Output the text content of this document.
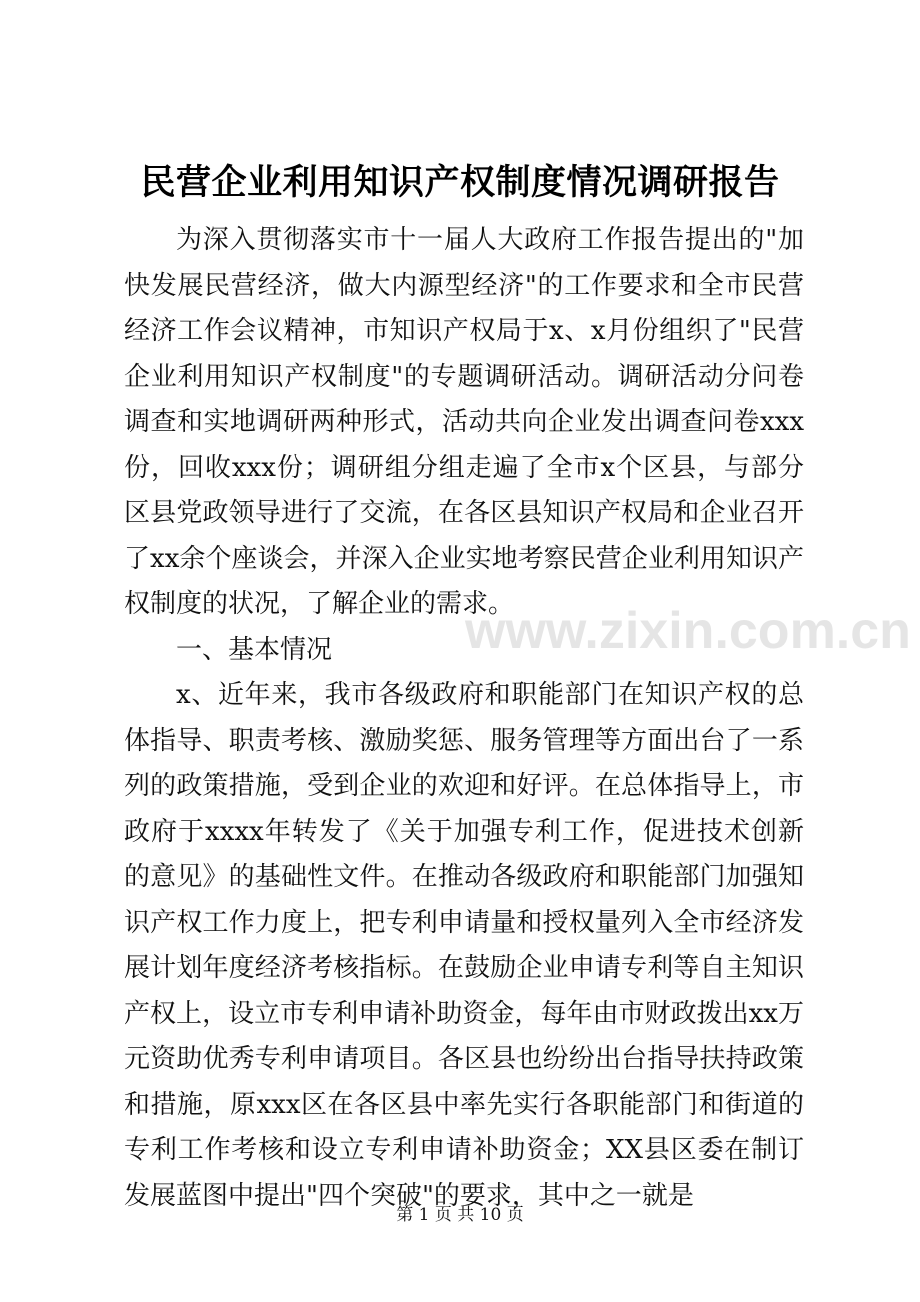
民营企业利用知识产权制度情况调研报告

为深入贯彻落实市十一届人大政府工作报告提出的"加快发展民营经济，做大内源型经济"的工作要求和全市民营经济工作会议精神，市知识产权局于x、x月份组织了"民营企业利用知识产权制度"的专题调研活动。调研活动分问卷调查和实地调研两种形式，活动共向企业发出调查问卷xxx份，回收xxx份；调研组分组走遍了全市x个区县，与部分区县党政领导进行了交流，在各区县知识产权局和企业召开了xx余个座谈会，并深入企业实地考察民营企业利用知识产权制度的状况，了解企业的需求。

一、基本情况

x、近年来，我市各级政府和职能部门在知识产权的总体指导、职责考核、激励奖惩、服务管理等方面出台了一系列的政策措施，受到企业的欢迎和好评。在总体指导上，市政府于xxxx年转发了《关于加强专利工作，促进技术创新的意见》的基础性文件。在推动各级政府和职能部门加强知识产权工作力度上，把专利申请量和授权量列入全市经济发展计划年度经济考核指标。在鼓励企业申请专利等自主知识产权上，设立市专利申请补助资金，每年由市财政拨出xx万元资助优秀专利申请项目。各区县也纷纷出台指导扶持政策和措施，原xxx区在各区县中率先实行各职能部门和街道的专利工作考核和设立专利申请补助资金；XX县区委在制订发展蓝图中提出"四个突破"的要求，其中之一就是

www.zixin.com.cn
第 1 页 共 10 页
